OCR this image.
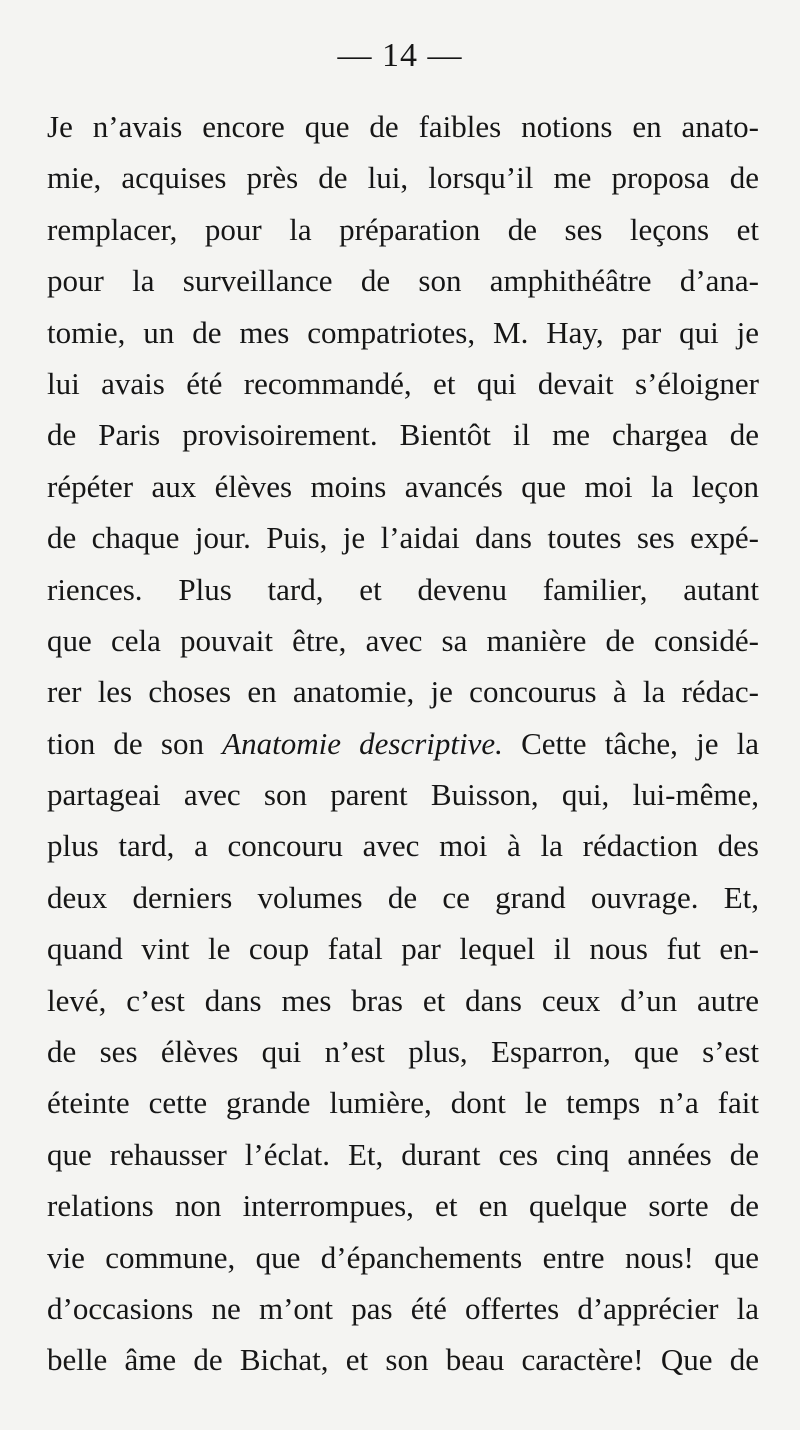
— 14 —
Je n’avais encore que de faibles notions en anato-
mie, acquises près de lui, lorsqu’il me proposa de
remplacer, pour la préparation de ses leçons et
pour la surveillance de son amphithéâtre d’ana-
tomie, un de mes compatriotes, M. Hay, par qui je
lui avais été recommandé, et qui devait s’éloigner
de Paris provisoirement. Bientôt il me chargea de
répéter aux élèves moins avancés que moi la leçon
de chaque jour. Puis, je l’aidai dans toutes ses expé-
riences. Plus tard, et devenu familier, autant
que cela pouvait être, avec sa manière de considé-
rer les choses en anatomie, je concourus à la rédac-
tion de son Anatomie descriptive. Cette tâche, je la
partageai avec son parent Buisson, qui, lui-même,
plus tard, a concouru avec moi à la rédaction des
deux derniers volumes de ce grand ouvrage. Et,
quand vint le coup fatal par lequel il nous fut en-
levé, c’est dans mes bras et dans ceux d’un autre
de ses élèves qui n’est plus, Esparron, que s’est
éteinte cette grande lumière, dont le temps n’a fait
que rehausser l’éclat. Et, durant ces cinq années de
relations non interrompues, et en quelque sorte de
vie commune, que d’épanchements entre nous! que
d’occasions ne m’ont pas été offertes d’apprécier la
belle âme de Bichat, et son beau caractère! Que de
